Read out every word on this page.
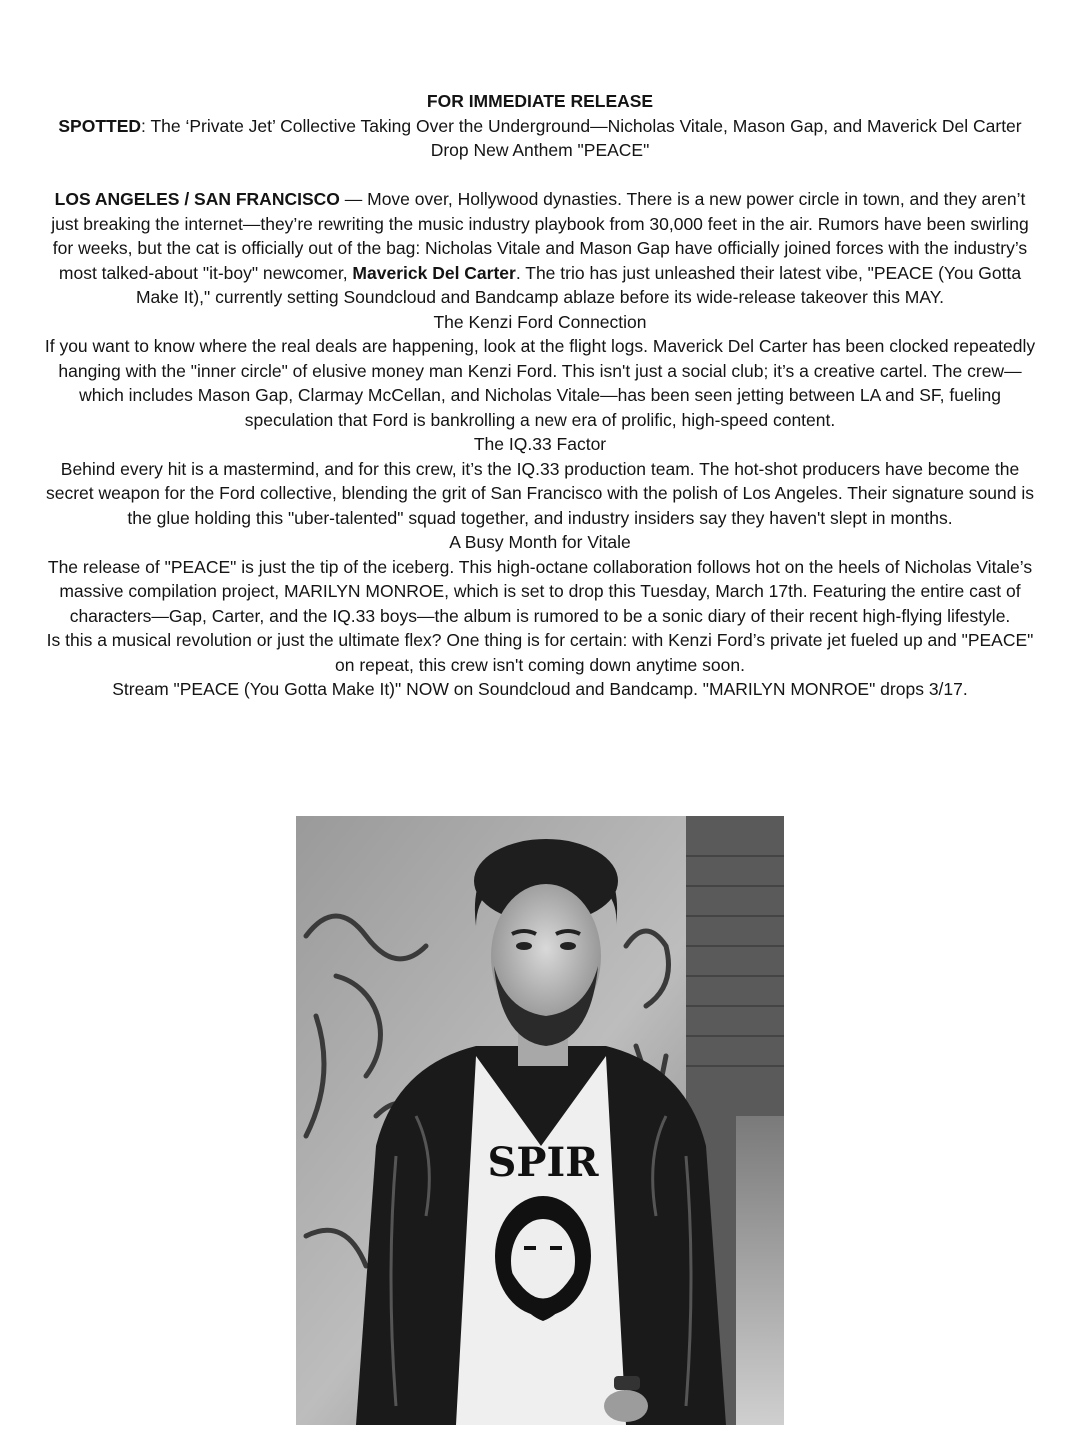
FOR IMMEDIATE RELEASE

SPOTTED: The ‘Private Jet’ Collective Taking Over the Underground—Nicholas Vitale, Mason Gap, and Maverick Del Carter Drop New Anthem "PEACE"

LOS ANGELES / SAN FRANCISCO — Move over, Hollywood dynasties. There is a new power circle in town, and they aren’t just breaking the internet—they’re rewriting the music industry playbook from 30,000 feet in the air. Rumors have been swirling for weeks, but the cat is officially out of the bag: Nicholas Vitale and Mason Gap have officially joined forces with the industry’s most talked-about "it-boy" newcomer, Maverick Del Carter. The trio has just unleashed their latest vibe, "PEACE (You Gotta Make It)," currently setting Soundcloud and Bandcamp ablaze before its wide-release takeover this MAY.

The Kenzi Ford Connection

If you want to know where the real deals are happening, look at the flight logs. Maverick Del Carter has been clocked repeatedly hanging with the "inner circle" of elusive money man Kenzi Ford. This isn't just a social club; it’s a creative cartel. The crew—which includes Mason Gap, Clarmay McCellan, and Nicholas Vitale—has been seen jetting between LA and SF, fueling speculation that Ford is bankrolling a new era of prolific, high-speed content.

The IQ.33 Factor

Behind every hit is a mastermind, and for this crew, it’s the IQ.33 production team. The hot-shot producers have become the secret weapon for the Ford collective, blending the grit of San Francisco with the polish of Los Angeles. Their signature sound is the glue holding this "uber-talented" squad together, and industry insiders say they haven't slept in months.

A Busy Month for Vitale

The release of "PEACE" is just the tip of the iceberg. This high-octane collaboration follows hot on the heels of Nicholas Vitale’s massive compilation project, MARILYN MONROE, which is set to drop this Tuesday, March 17th. Featuring the entire cast of characters—Gap, Carter, and the IQ.33 boys—the album is rumored to be a sonic diary of their recent high-flying lifestyle.

Is this a musical revolution or just the ultimate flex? One thing is for certain: with Kenzi Ford’s private jet fueled up and "PEACE" on repeat, this crew isn't coming down anytime soon.

Stream "PEACE (You Gotta Make It)" NOW on Soundcloud and Bandcamp. "MARILYN MONROE" drops 3/17.

SPIR
